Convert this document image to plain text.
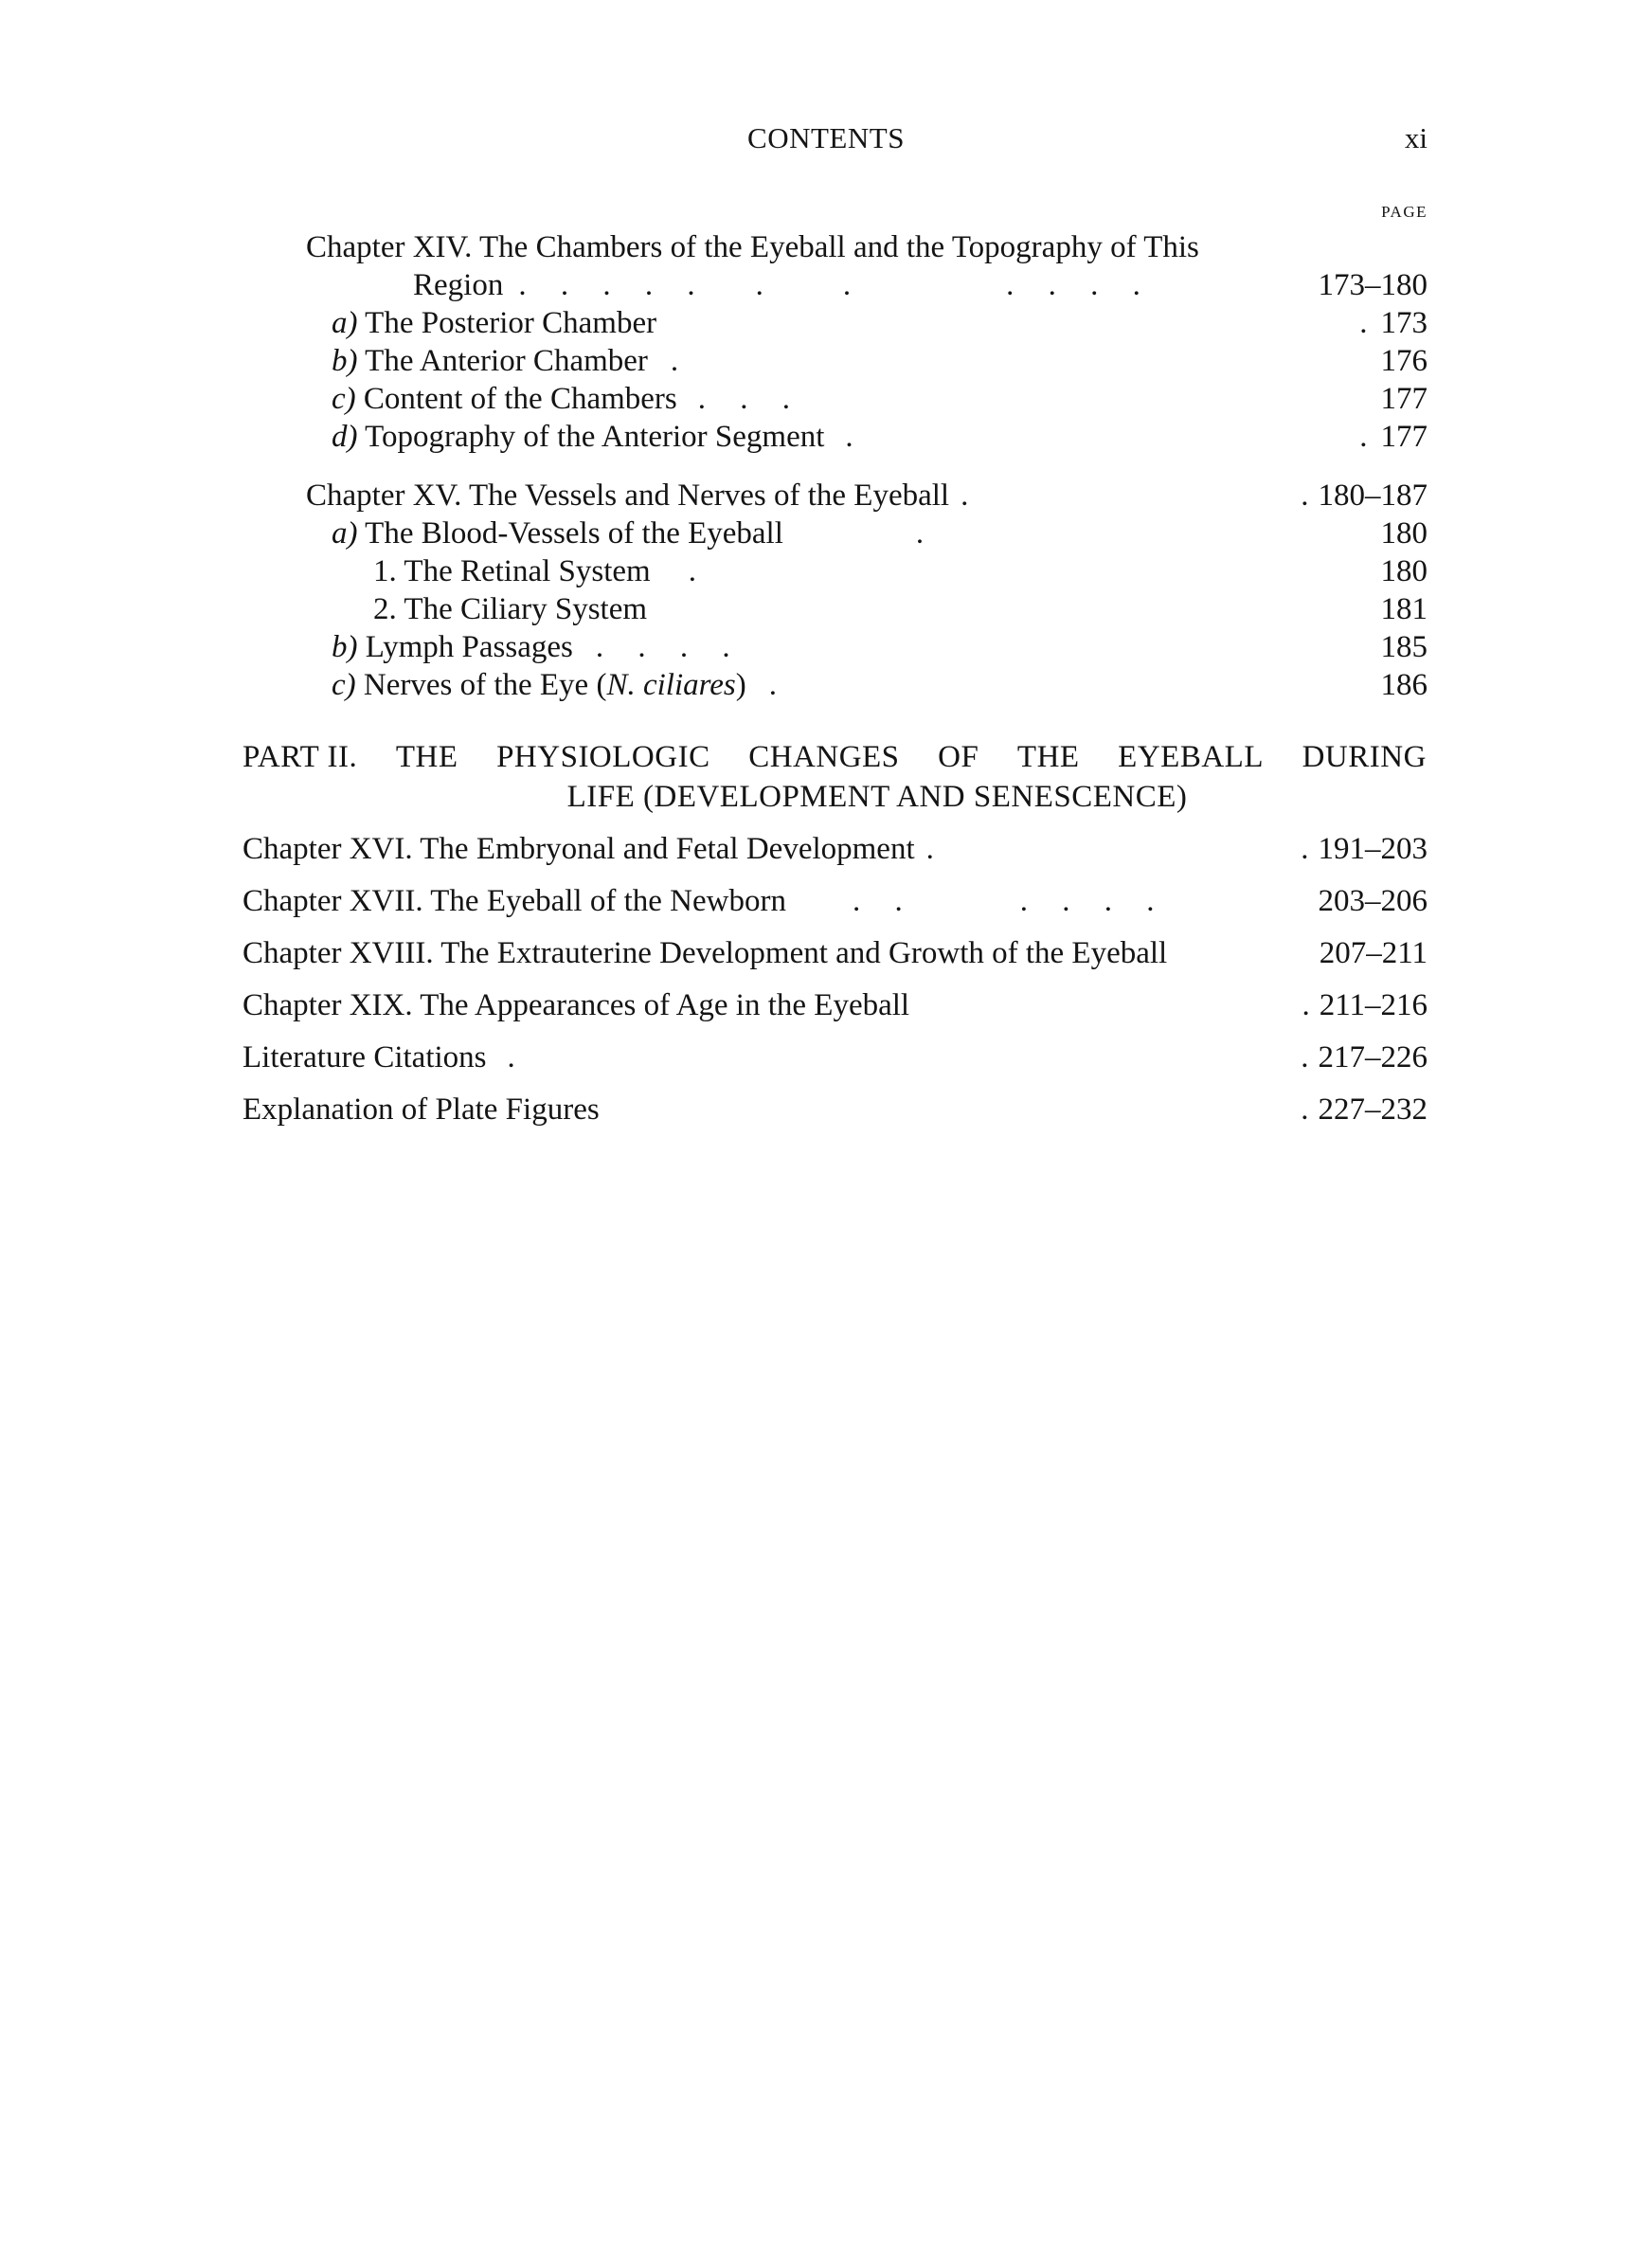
CONTENTS	xi
PAGE
Chapter XIV. The Chambers of the Eyeball and the Topography of This
Region . . . . . . .	. . . .	173–180
a) The Posterior Chamber	. 173
b) The Anterior Chamber .	176
c) Content of the Chambers . . .	177
d) Topography of the Anterior Segment .	. 177
Chapter XV. The Vessels and Nerves of the Eyeball .	. 180–187
a) The Blood-Vessels of the Eyeball	.	180
1. The Retinal System .	180
2. The Ciliary System	181
b) Lymph Passages . . . .	185
c) Nerves of the Eye (N. ciliares) .	186
PART II. THE PHYSIOLOGIC CHANGES OF THE EYEBALL DURING
LIFE (DEVELOPMENT AND SENESCENCE)
Chapter XVI. The Embryonal and Fetal Development .	. 191–203
Chapter XVII. The Eyeball of the Newborn . .	. . . .	203–206
Chapter XVIII. The Extrauterine Development and Growth of the Eyeball	207–211
Chapter XIX. The Appearances of Age in the Eyeball	. 211–216
Literature Citations .	. 217–226
Explanation of Plate Figures	. 227–232
